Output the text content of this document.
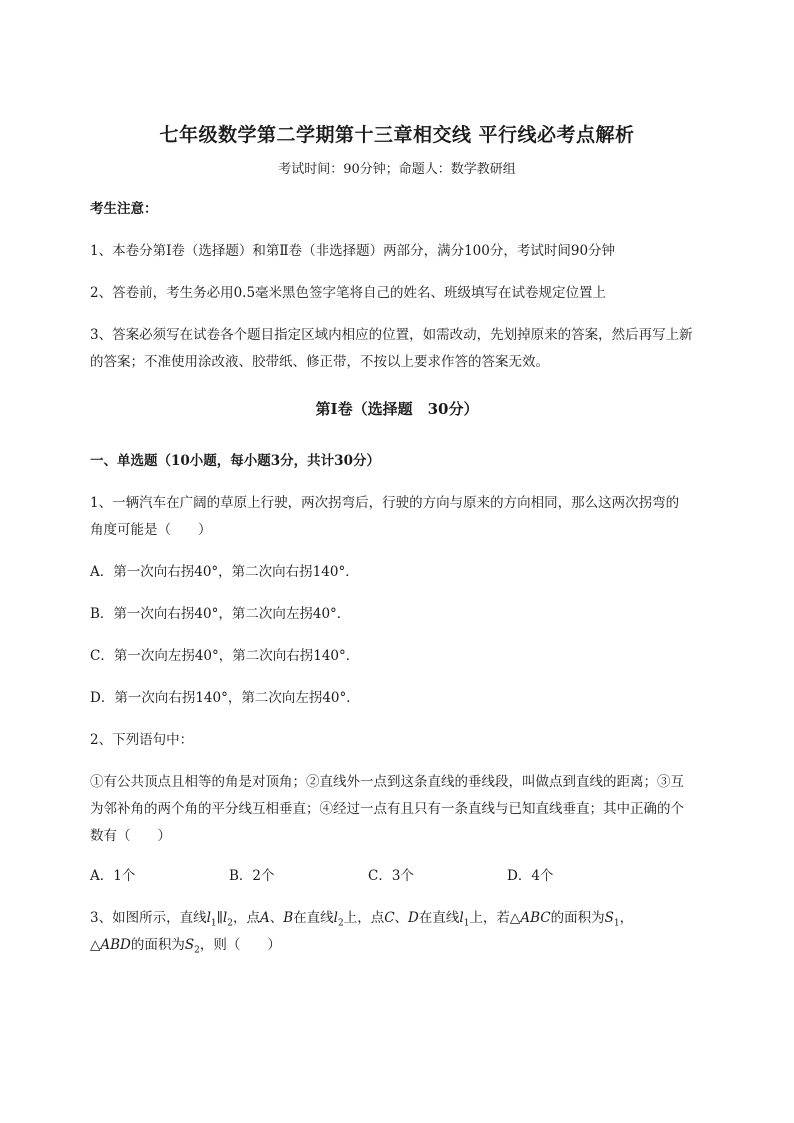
七年级数学第二学期第十三章相交线 平行线必考点解析
考试时间：90分钟；命题人：数学教研组
考生注意：
1、本卷分第I卷（选择题）和第Ⅱ卷（非选择题）两部分，满分100分，考试时间90分钟
2、答卷前，考生务必用0.5毫米黑色签字笔将自己的姓名、班级填写在试卷规定位置上
3、答案必须写在试卷各个题目指定区域内相应的位置，如需改动，先划掉原来的答案，然后再写上新
的答案；不准使用涂改液、胶带纸、修正带，不按以上要求作答的答案无效。
第I卷（选择题　30分）
一、单选题（10小题，每小题3分，共计30分）
1、一辆汽车在广阔的草原上行驶，两次拐弯后，行驶的方向与原来的方向相同，那么这两次拐弯的
角度可能是（　　）
A．第一次向右拐40°，第二次向右拐140°．
B．第一次向右拐40°，第二次向左拐40°．
C．第一次向左拐40°，第二次向右拐140°．
D．第一次向右拐140°，第二次向左拐40°．
2、下列语句中：
①有公共顶点且相等的角是对顶角；②直线外一点到这条直线的垂线段，叫做点到直线的距离；③互
为邻补角的两个角的平分线互相垂直；④经过一点有且只有一条直线与已知直线垂直；其中正确的个
数有（　　）
A．1个	B．2个	C．3个	D．4个
3、如图所示，直线$l_1\parallel l_2$，点A、B在直线$l_2$上，点C、D在直线$l_1$上，若△ABC的面积为$S_1$，
△ABD的面积为$S_2$，则（　　）
